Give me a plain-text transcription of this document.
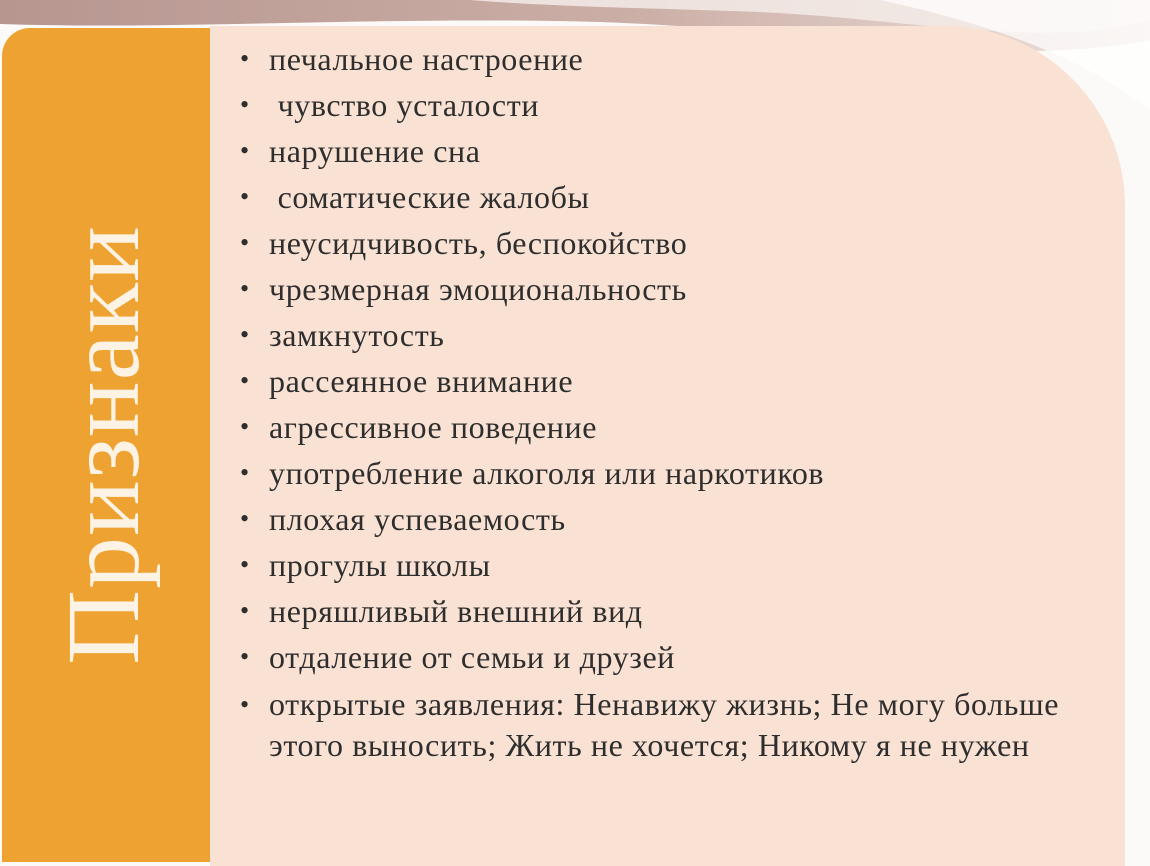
Признаки
• печальное настроение
• чувство усталости
• нарушение сна
• соматические жалобы
• неусидчивость, беспокойство
• чрезмерная эмоциональность
• замкнутость
• рассеянное внимание
• агрессивное поведение
• употребление алкоголя или наркотиков
• плохая успеваемость
• прогулы школы
• неряшливый внешний вид
• отдаление от семьи и друзей
• открытые заявления: Ненавижу жизнь; Не могу больше этого выносить; Жить не хочется; Никому я не нужен
